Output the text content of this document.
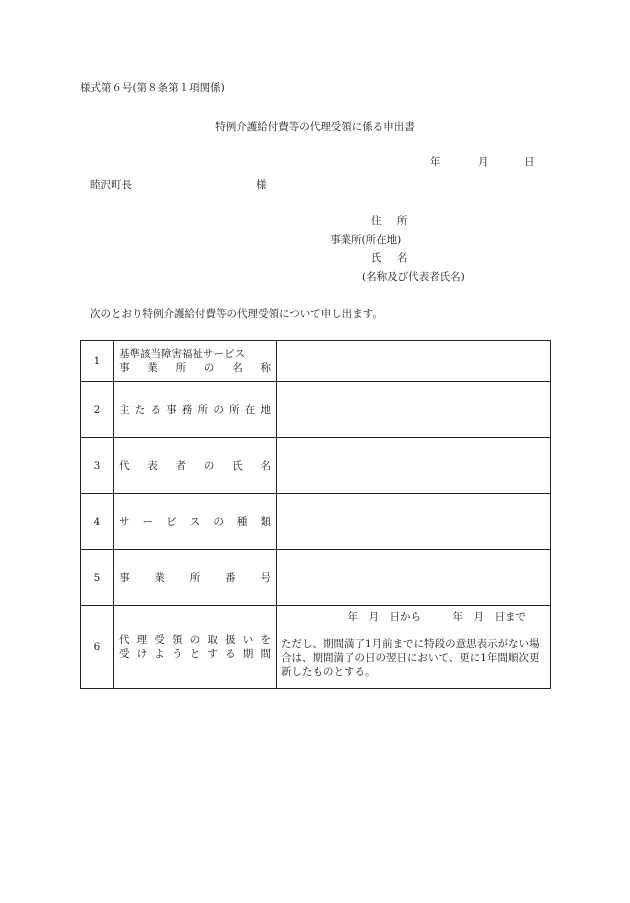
様式第６号(第８条第１項関係)
特例介護給付費等の代理受領に係る申出書
年	月	日
睦沢町長	様
住 所
事業所(所在地)
氏 名
(名称及び代表者氏名)
次のとおり特例介護給付費等の代理受領について申し出ます。
1	基準該当障害福祉サービス
事業所の名称	

2	主たる事務所の所在地	

3	代表者の氏名	

4	サービスの種類	

5	事業所番号	

6	代理受領の取扱いを
受けようとする期間	年　月　日から　　　年　月　日まで
ただし、期間満了1月前までに特段の意思表示がない場合は、期間満了の日の翌日において、更に1年間順次更新したものとする。
